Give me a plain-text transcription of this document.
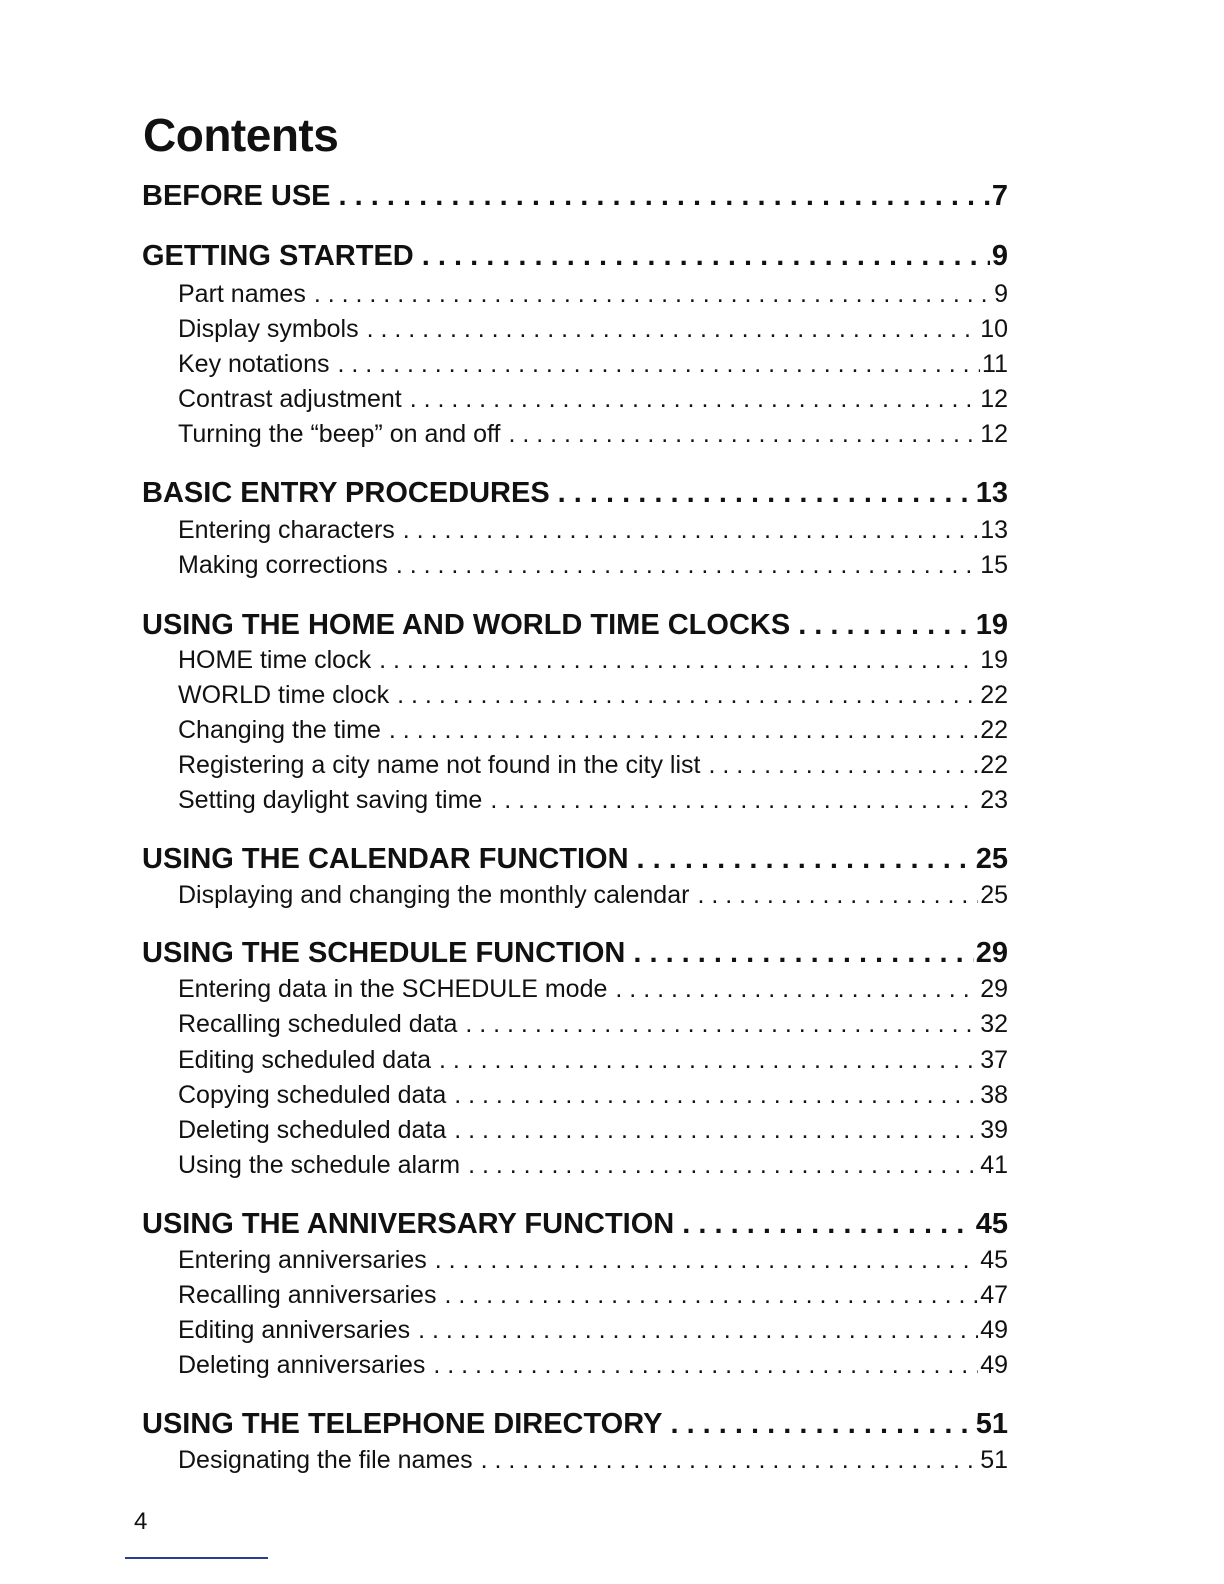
Contents
BEFORE USE . . .	7
GETTING STARTED . . .	9
Part names . . .	9
Display symbols . . .	10
Key notations . . .	11
Contrast adjustment . . .	12
Turning the “beep” on and off . . .	12
BASIC ENTRY PROCEDURES . . .	13
Entering characters . . .	13
Making corrections . . .	15
USING THE HOME AND WORLD TIME CLOCKS . . .	19
HOME time clock . . .	19
WORLD time clock . . .	22
Changing the time . . .	22
Registering a city name not found in the city list . . .	22
Setting daylight saving time . . .	23
USING THE CALENDAR FUNCTION . . .	25
Displaying and changing the monthly calendar . . .	25
USING THE SCHEDULE FUNCTION . . .	29
Entering data in the SCHEDULE mode . . .	29
Recalling scheduled data . . .	32
Editing scheduled data . . .	37
Copying scheduled data . . .	38
Deleting scheduled data . . .	39
Using the schedule alarm . . .	41
USING THE ANNIVERSARY FUNCTION . . .	45
Entering anniversaries . . .	45
Recalling anniversaries . . .	47
Editing anniversaries . . .	49
Deleting anniversaries . . .	49
USING THE TELEPHONE DIRECTORY . . .	51
Designating the file names . . .	51
4
